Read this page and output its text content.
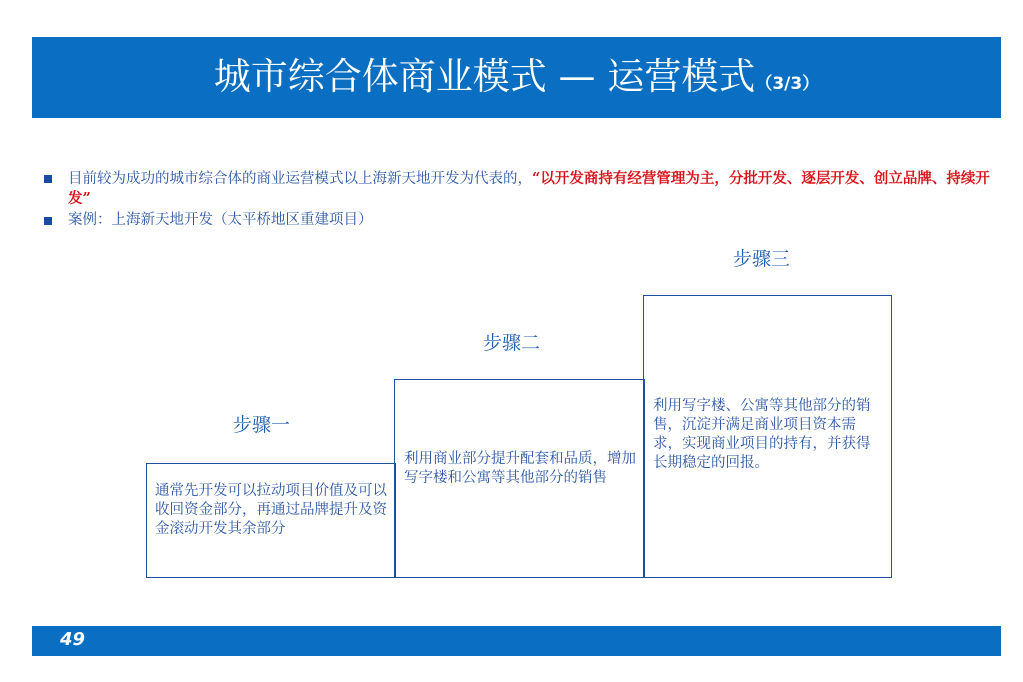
城市综合体商业模式 — 运营模式（3/3）
目前较为成功的城市综合体的商业运营模式以上海新天地开发为代表的，“以开发商持有经营管理为主，分批开发、逐层开发、创立品牌、持续开发”
案例：上海新天地开发（太平桥地区重建项目）
步骤一
步骤二
步骤三
通常先开发可以拉动项目价值及可以收回资金部分，再通过品牌提升及资金滚动开发其余部分
利用商业部分提升配套和品质，增加写字楼和公寓等其他部分的销售
利用写字楼、公寓等其他部分的销售，沉淀并满足商业项目资本需求，实现商业项目的持有，并获得长期稳定的回报。
49
